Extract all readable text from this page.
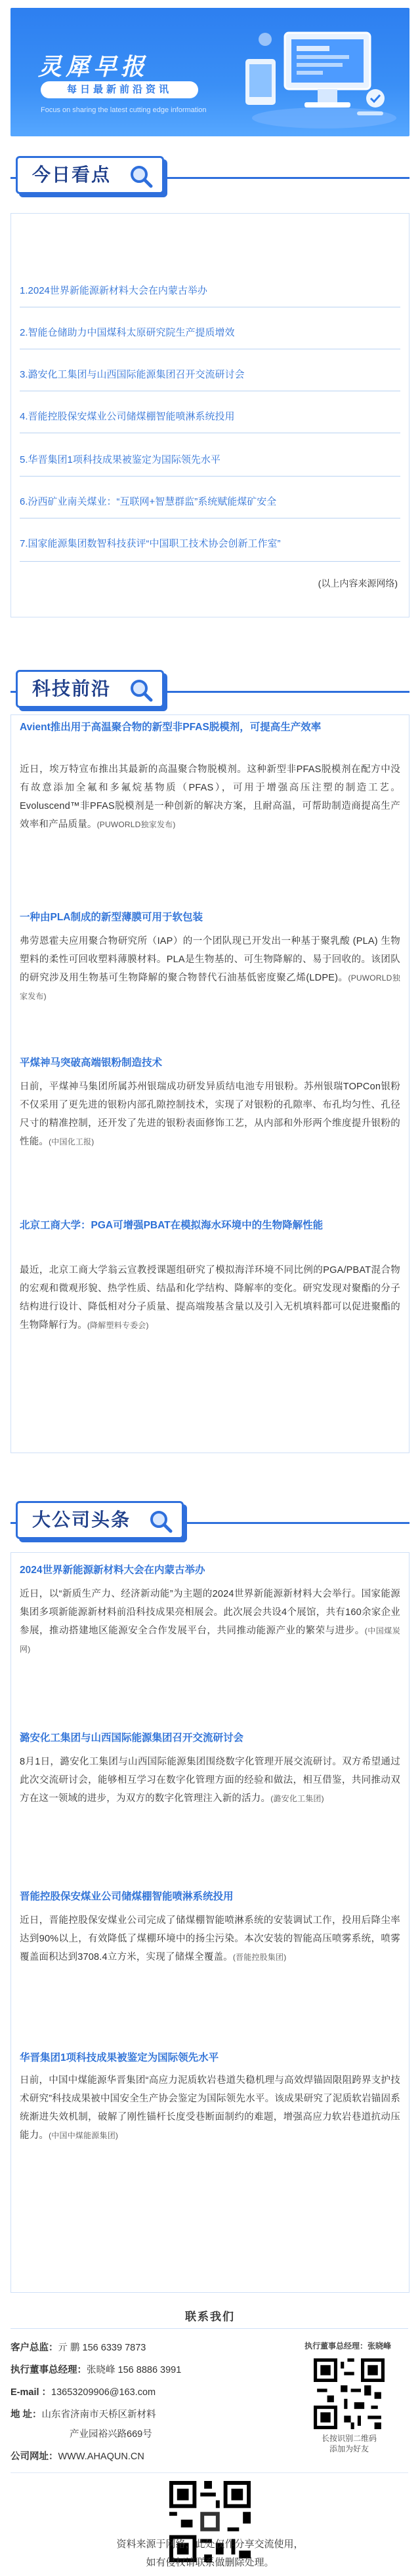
灵犀早报
每日最新前沿资讯
Focus on sharing the latest cutting edge information
今日看点
1.2024世界新能源新材料大会在内蒙古举办
2.智能仓储助力中国煤科太原研究院生产提质增效
3.潞安化工集团与山西国际能源集团召开交流研讨会
4.晋能控股保安煤业公司储煤棚智能喷淋系统投用
5.华晋集团1项科技成果被鉴定为国际领先水平
6.汾西矿业南关煤业：“互联网+智慧群监”系统赋能煤矿安全
7.国家能源集团数智科技获评“中国职工技术协会创新工作室”
(以上内容来源网络)
科技前沿
Avient推出用于高温聚合物的新型非PFAS脱模剂，可提高生产效率
近日，埃万特宣布推出其最新的高温聚合物脱模剂。这种新型非PFAS脱模剂在配方中没有故意添加全氟和多氟烷基物质（PFAS），可用于增强高压注塑的制造工艺。Evoluscend™非PFAS脱模剂是一种创新的解决方案，且耐高温，可帮助制造商提高生产效率和产品质量。(PUWORLD独家发布)
一种由PLA制成的新型薄膜可用于软包装
弗劳恩霍夫应用聚合物研究所（IAP）的一个团队现已开发出一种基于聚乳酸 (PLA) 生物塑料的柔性可回收塑料薄膜材料。PLA是生物基的、可生物降解的、易于回收的。该团队的研究涉及用生物基可生物降解的聚合物替代石油基低密度聚乙烯(LDPE)。(PUWORLD独家发布)
平煤神马突破高端银粉制造技术
日前，平煤神马集团所属苏州银瑞成功研发异质结电池专用银粉。苏州银瑞TOPCon银粉不仅采用了更先进的银粉内部孔隙控制技术，实现了对银粉的孔隙率、布孔均匀性、孔径尺寸的精准控制，还开发了先进的银粉表面修饰工艺，从内部和外形两个维度提升银粉的性能。(中国化工报)
北京工商大学：PGA可增强PBAT在模拟海水环境中的生物降解性能
最近，北京工商大学翁云宣教授课题组研究了模拟海洋环境不同比例的PGA/PBAT混合物的宏观和微观形貌、热学性质、结晶和化学结构、降解率的变化。研究发现对聚酯的分子结构进行设计、降低相对分子质量、提高端羧基含量以及引入无机填料都可以促进聚酯的生物降解行为。(降解塑料专委会)
大公司头条
2024世界新能源新材料大会在内蒙古举办
近日，以“新质生产力、经济新动能”为主题的2024世界新能源新材料大会举行。国家能源集团多项新能源新材料前沿科技成果亮相展会。此次展会共设4个展馆，共有160余家企业参展，推动搭建地区能源安全合作发展平台，共同推动能源产业的繁荣与进步。(中国煤炭网)
潞安化工集团与山西国际能源集团召开交流研讨会
8月1日，潞安化工集团与山西国际能源集团围绕数字化管理开展交流研讨。双方希望通过此次交流研讨会，能够相互学习在数字化管理方面的经验和做法，相互借鉴，共同推动双方在这一领域的进步，为双方的数字化管理注入新的活力。(潞安化工集团)
晋能控股保安煤业公司储煤棚智能喷淋系统投用
近日，晋能控股保安煤业公司完成了储煤棚智能喷淋系统的安装调试工作，投用后降尘率达到90%以上，有效降低了煤棚环境中的扬尘污染。本次安装的智能高压喷雾系统，喷雾覆盖面积达到3708.4立方米，实现了储煤全覆盖。(晋能控股集团)
华晋集团1项科技成果被鉴定为国际领先水平
日前，中国中煤能源华晋集团“高应力泥质软岩巷道失稳机理与高效焊锚固限阻跨界支护技术研究”科技成果被中国安全生产协会鉴定为国际领先水平。该成果研究了泥质软岩锚固系统渐进失效机制，破解了刚性锚杆长度受巷断面制约的难题，增强高应力软岩巷道抗动压能力。(中国中煤能源集团)
联系我们
客户总监：亓 鹏 156 6339 7873
执行董事总经理：张晓峰 156 8886 3991
E-mail ：13653209906@163.com
地 址：山东省济南市天桥区新材料
产业园裕兴路669号
公司网址：WWW.AHAQUN.CN
执行董事总经理：张晓峰
长按识别二维码
添加为好友
资料来源于网络，此处仅作分享交流使用，
如有侵权请联系做删除处理。
